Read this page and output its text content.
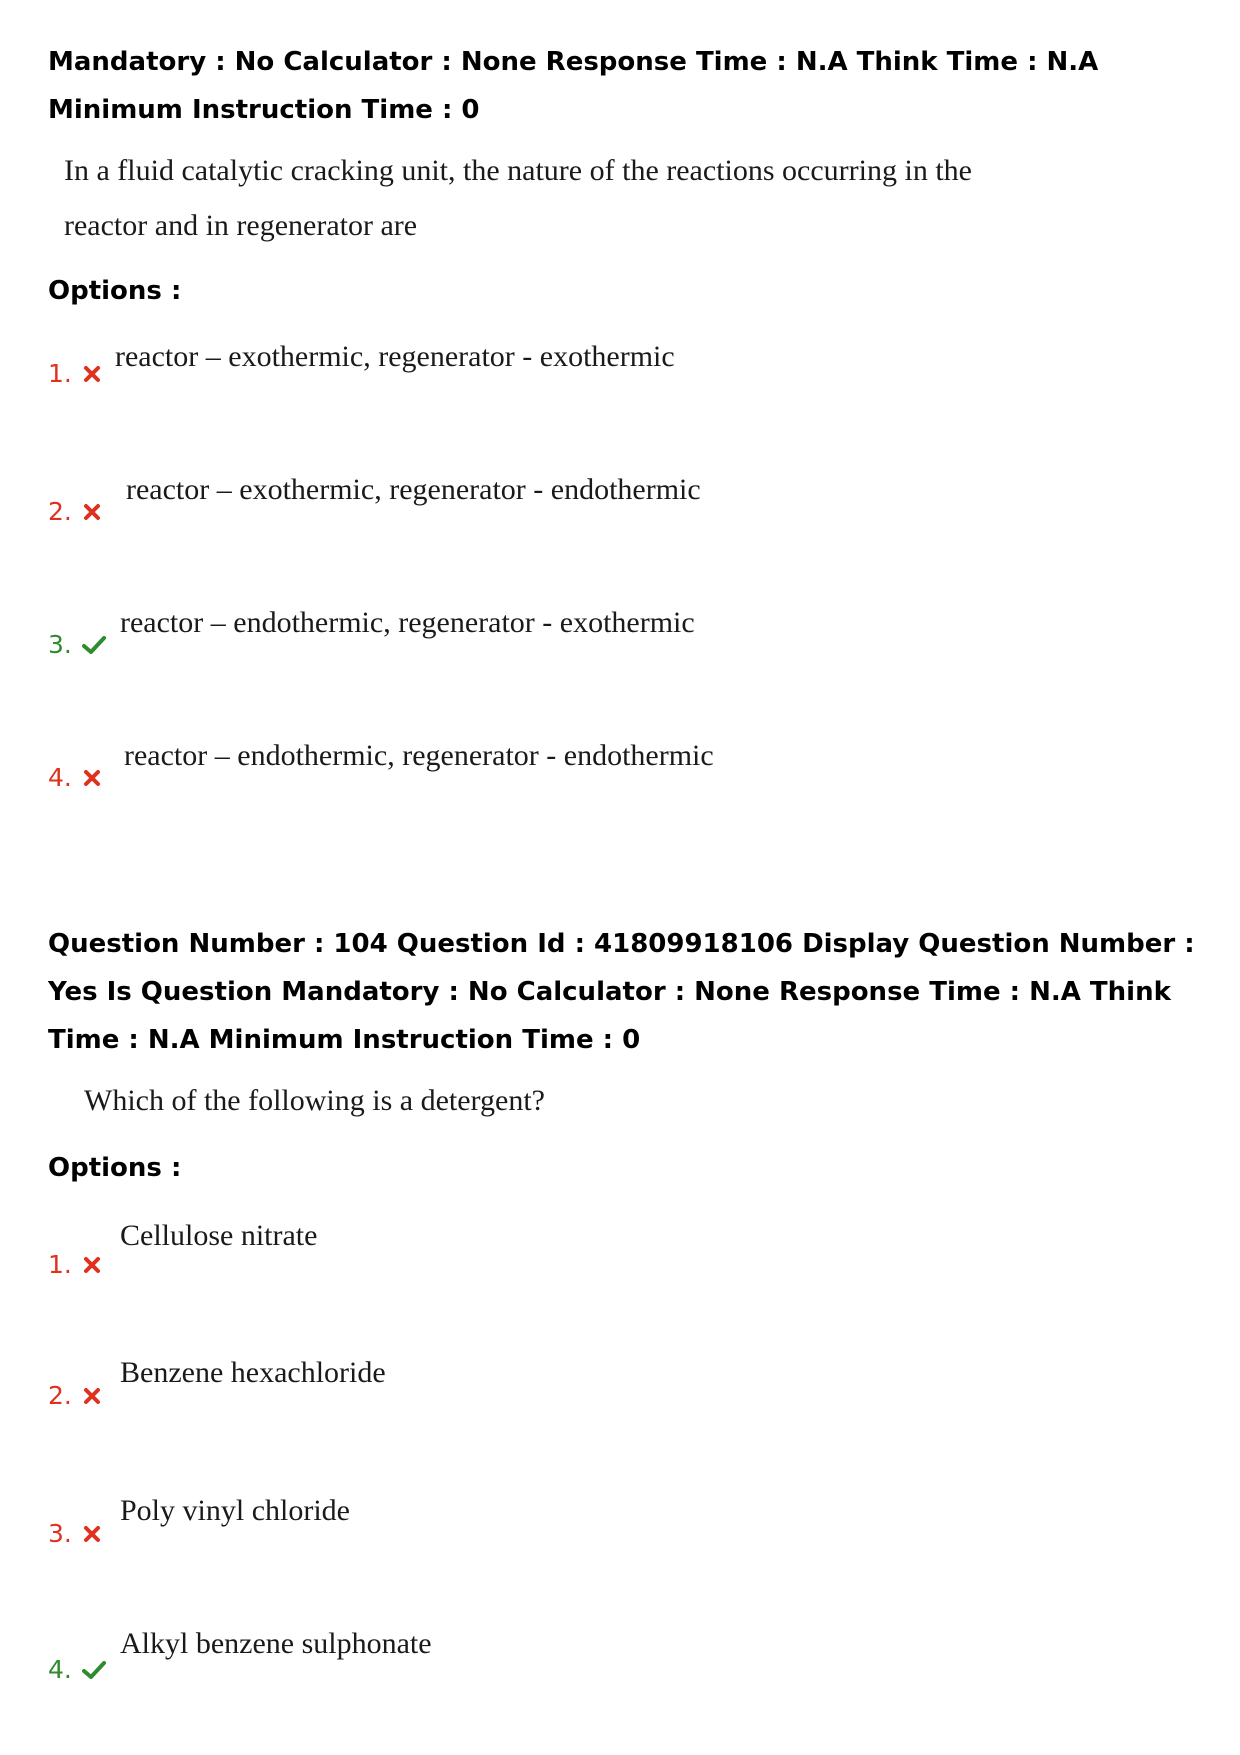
Mandatory : No Calculator : None Response Time : N.A Think Time : N.A Minimum Instruction Time : 0

In a fluid catalytic cracking unit, the nature of the reactions occurring in the

reactor and in regenerator are

Options :

1.
reactor – exothermic, regenerator - exothermic
2.
reactor – exothermic, regenerator - endothermic
3.
reactor – endothermic, regenerator - exothermic
4.
reactor – endothermic, regenerator - endothermic

Question Number : 104 Question Id : 41809918106 Display Question Number : Yes Is Question Mandatory : No Calculator : None Response Time : N.A Think Time : N.A Minimum Instruction Time : 0

Which of the following is a detergent?

Options :

1.
Cellulose nitrate
2.
Benzene hexachloride
3.
Poly vinyl chloride
4.
Alkyl benzene sulphonate
